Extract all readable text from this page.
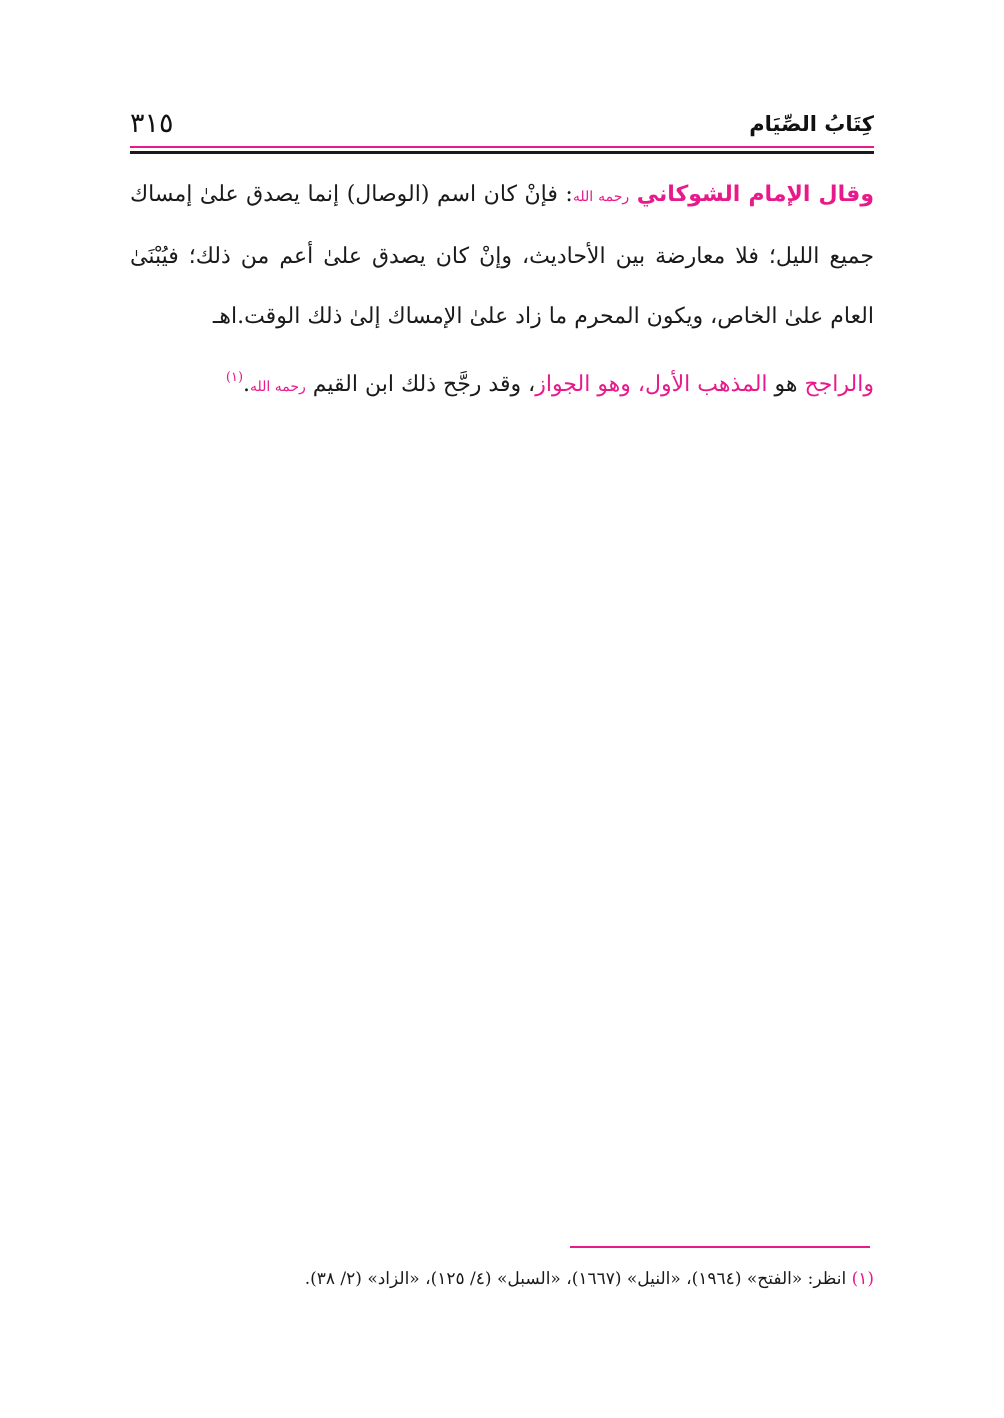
كِتَابُ الصِّيَام
٣١٥

وقال الإمام الشوكاني رحمه الله: فإنْ كان اسم (الوصال) إنما يصدق علىٰ إمساك جميع الليل؛ فلا معارضة بين الأحاديث، وإنْ كان يصدق علىٰ أعم من ذلك؛ فيُبْنَىٰ العام علىٰ الخاص، ويكون المحرم ما زاد علىٰ الإمساك إلىٰ ذلك الوقت.اهـ

والراجح هو المذهب الأول، وهو الجواز، وقد رجَّح ذلك ابن القيم رحمه الله.$^{(١)}$

(١) انظر: «الفتح» (١٩٦٤)، «النيل» (١٦٦٧)، «السبل» (٤/ ١٢٥)، «الزاد» (٢/ ٣٨).
